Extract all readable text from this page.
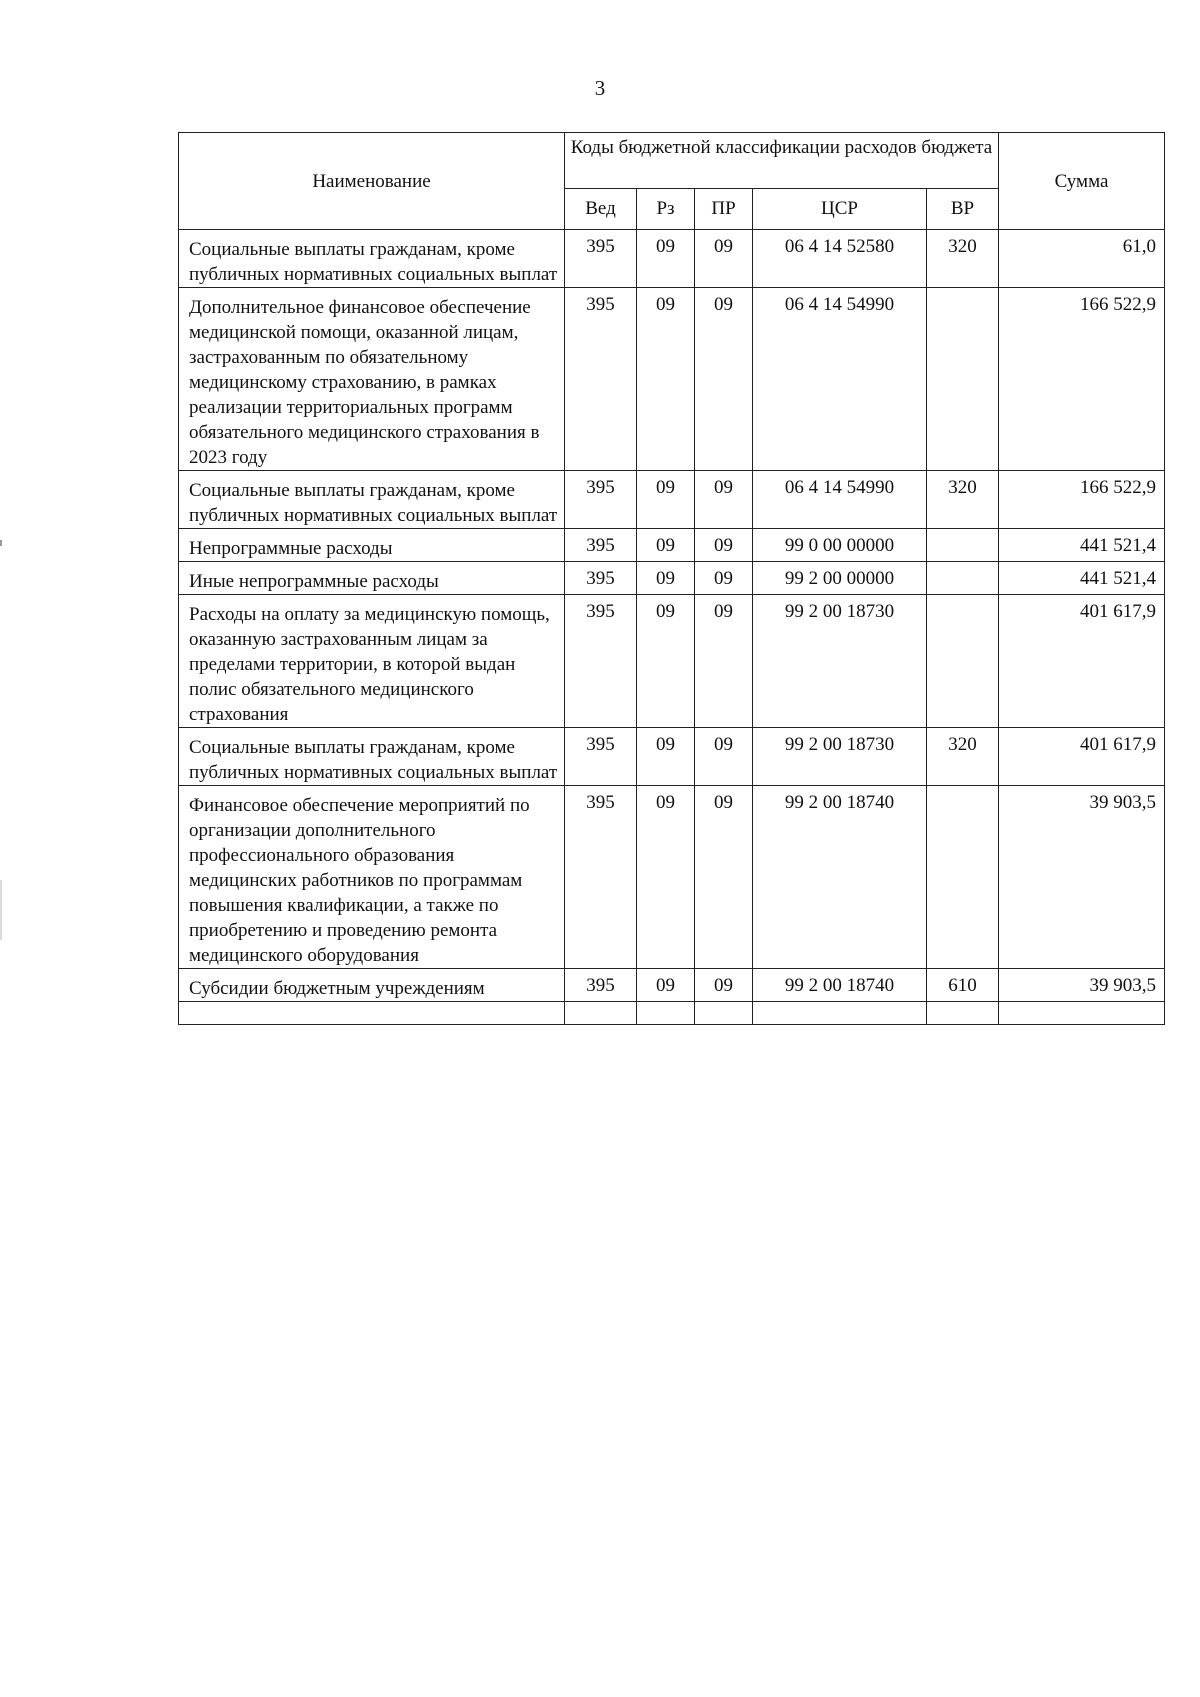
3
Наименование	Коды бюджетной классификации расходов бюджета					Сумма
	Вед	Рз	ПР	ЦСР	ВР	
Социальные выплаты гражданам, кроме публичных нормативных социальных выплат	395	09	09	06 4 14 52580	320	61,0
Дополнительное финансовое обеспечение медицинской помощи, оказанной лицам, застрахованным по обязательному медицинскому страхованию, в рамках реализации территориальных программ обязательного медицинского страхования в 2023 году	395	09	09	06 4 14 54990		166 522,9
Социальные выплаты гражданам, кроме публичных нормативных социальных выплат	395	09	09	06 4 14 54990	320	166 522,9
Непрограммные расходы	395	09	09	99 0 00 00000		441 521,4
Иные непрограммные расходы	395	09	09	99 2 00 00000		441 521,4
Расходы на оплату за медицинскую помощь, оказанную застрахованным лицам за пределами территории, в которой выдан полис обязательного медицинского страхования	395	09	09	99 2 00 18730		401 617,9
Социальные выплаты гражданам, кроме публичных нормативных социальных выплат	395	09	09	99 2 00 18730	320	401 617,9
Финансовое обеспечение мероприятий по организации дополнительного профессионального образования медицинских работников по программам повышения квалификации, а также по приобретению и проведению ремонта медицинского оборудования	395	09	09	99 2 00 18740		39 903,5
Субсидии бюджетным учреждениям	395	09	09	99 2 00 18740	610	39 903,5
